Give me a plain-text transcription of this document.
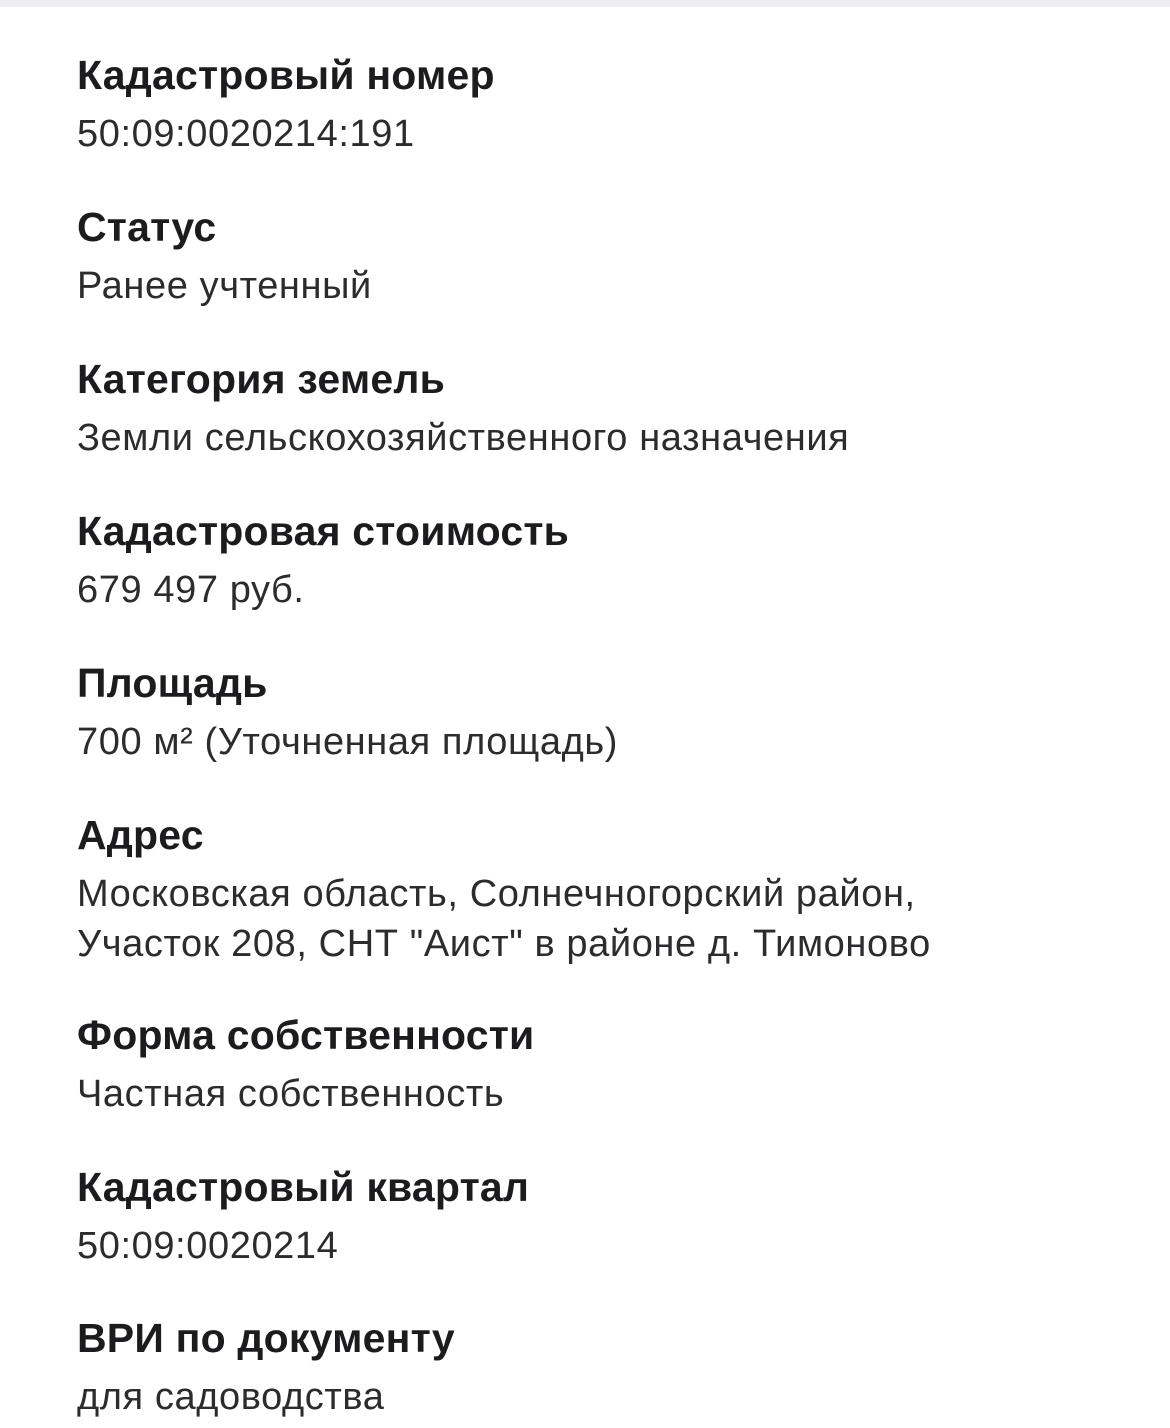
Кадастровый номер
50:09:0020214:191
Статус
Ранее учтенный
Категория земель
Земли сельскохозяйственного назначения
Кадастровая стоимость
679 497 руб.
Площадь
700 м² (Уточненная площадь)
Адрес
Московская область, Солнечногорский район,
Участок 208, СНТ "Аист" в районе д. Тимоново
Форма собственности
Частная собственность
Кадастровый квартал
50:09:0020214
ВРИ по документу
для садоводства
